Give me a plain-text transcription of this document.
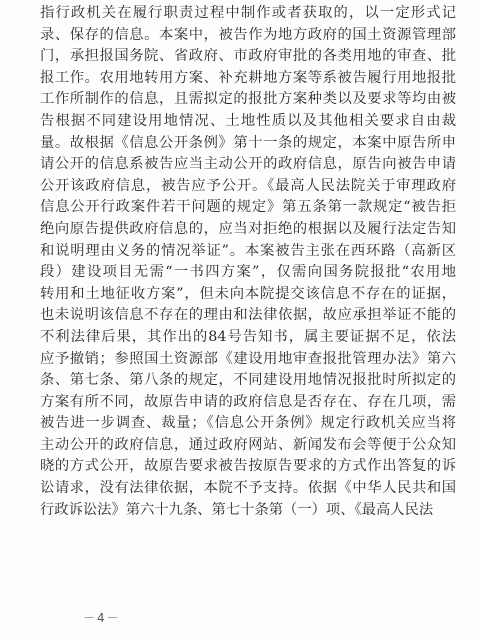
指行政机关在履行职责过程中制作或者获取的，以一定形式记
录、保存的信息。本案中，被告作为地方政府的国土资源管理部
门，承担报国务院、省政府、市政府审批的各类用地的审查、批
报工作。农用地转用方案、补充耕地方案等系被告履行用地报批
工作所制作的信息，且需拟定的报批方案种类以及要求等均由被
告根据不同建设用地情况、土地性质以及其他相关要求自由裁
量。故根据《信息公开条例》第十一条的规定，本案中原告所申
请公开的信息系被告应当主动公开的政府信息，原告向被告申请
公开该政府信息，被告应予公开。《最高人民法院关于审理政府
信息公开行政案件若干问题的规定》第五条第一款规定“被告拒
绝向原告提供政府信息的，应当对拒绝的根据以及履行法定告知
和说明理由义务的情况举证”。本案被告主张在西环路（高新区
段）建设项目无需“一书四方案”，仅需向国务院报批“农用地
转用和土地征收方案”，但未向本院提交该信息不存在的证据，
也未说明该信息不存在的理由和法律依据，故应承担举证不能的
不利法律后果，其作出的84号告知书，属主要证据不足，依法
应予撤销；参照国土资源部《建设用地审查报批管理办法》第六
条、第七条、第八条的规定，不同建设用地情况报批时所拟定的
方案有所不同，故原告申请的政府信息是否存在、存在几项，需
被告进一步调查、裁量；《信息公开条例》规定行政机关应当将
主动公开的政府信息，通过政府网站、新闻发布会等便于公众知
晓的方式公开，故原告要求被告按原告要求的方式作出答复的诉
讼请求，没有法律依据，本院不予支持。依据《中华人民共和国
行政诉讼法》第六十九条、第七十条第（一）项、《最高人民法
－4－
